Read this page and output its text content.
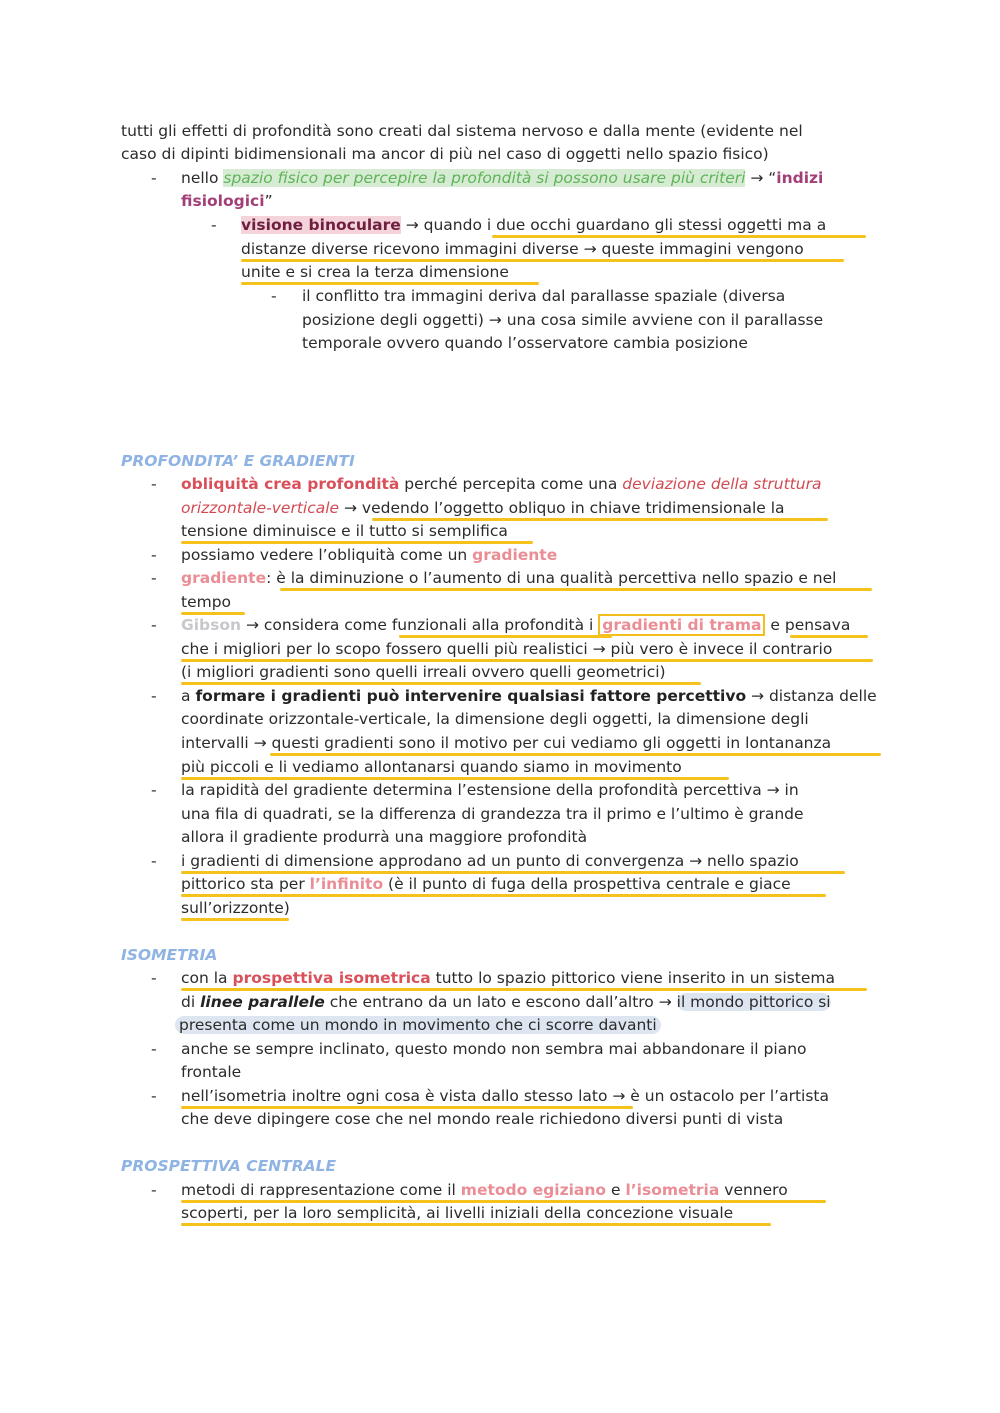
tutti gli effetti di profondità sono creati dal sistema nervoso e dalla mente (evidente nel
caso di dipinti bidimensionali ma ancor di più nel caso di oggetti nello spazio fisico)
- nello spazio fisico per percepire la profondità si possono usare più criteri → “indizi
fisiologici”
- visione binoculare → quando i due occhi guardano gli stessi oggetti ma a
distanze diverse ricevono immagini diverse → queste immagini vengono
unite e si crea la terza dimensione
- il conflitto tra immagini deriva dal parallasse spaziale (diversa
posizione degli oggetti) → una cosa simile avviene con il parallasse
temporale ovvero quando l’osservatore cambia posizione
PROFONDITA’ E GRADIENTI
- obliquità crea profondità perché percepita come una deviazione della struttura
orizzontale-verticale → vedendo l’oggetto obliquo in chiave tridimensionale la
tensione diminuisce e il tutto si semplifica
- possiamo vedere l’obliquità come un gradiente
- gradiente: è la diminuzione o l’aumento di una qualità percettiva nello spazio e nel
tempo
- Gibson → considera come funzionali alla profondità i gradienti di trama e pensava
che i migliori per lo scopo fossero quelli più realistici → più vero è invece il contrario
(i migliori gradienti sono quelli irreali ovvero quelli geometrici)
- a formare i gradienti può intervenire qualsiasi fattore percettivo → distanza delle
coordinate orizzontale-verticale, la dimensione degli oggetti, la dimensione degli
intervalli → questi gradienti sono il motivo per cui vediamo gli oggetti in lontananza
più piccoli e li vediamo allontanarsi quando siamo in movimento
- la rapidità del gradiente determina l’estensione della profondità percettiva → in
una fila di quadrati, se la differenza di grandezza tra il primo e l’ultimo è grande
allora il gradiente produrrà una maggiore profondità
- i gradienti di dimensione approdano ad un punto di convergenza → nello spazio
pittorico sta per l’infinito (è il punto di fuga della prospettiva centrale e giace
sull’orizzonte)
ISOMETRIA
- con la prospettiva isometrica tutto lo spazio pittorico viene inserito in un sistema
di linee parallele che entrano da un lato e escono dall’altro → il mondo pittorico si
presenta come un mondo in movimento che ci scorre davanti
- anche se sempre inclinato, questo mondo non sembra mai abbandonare il piano
frontale
- nell’isometria inoltre ogni cosa è vista dallo stesso lato → è un ostacolo per l’artista
che deve dipingere cose che nel mondo reale richiedono diversi punti di vista
PROSPETTIVA CENTRALE
- metodi di rappresentazione come il metodo egiziano e l’isometria vennero
scoperti, per la loro semplicità, ai livelli iniziali della concezione visuale
